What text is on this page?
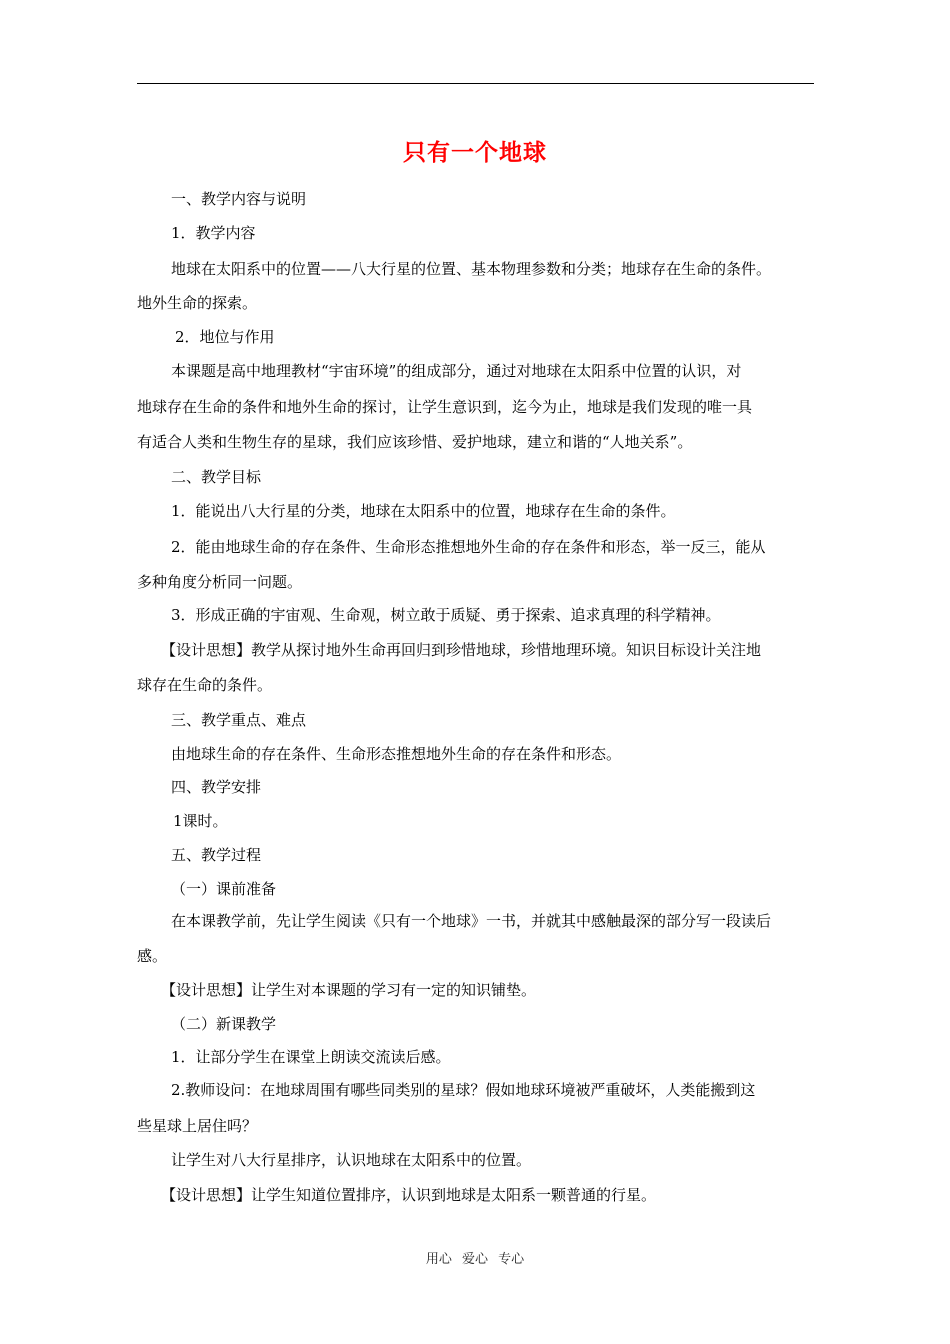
只有一个地球
一、教学内容与说明
1．教学内容
地球在太阳系中的位置——八大行星的位置、基本物理参数和分类；地球存在生命的条件。
地外生命的探索。
2．地位与作用
本课题是高中地理教材“宇宙环境”的组成部分，通过对地球在太阳系中位置的认识，对
地球存在生命的条件和地外生命的探讨，让学生意识到，迄今为止，地球是我们发现的唯一具
有适合人类和生物生存的星球，我们应该珍惜、爱护地球，建立和谐的“人地关系”。
二、教学目标
1．能说出八大行星的分类，地球在太阳系中的位置，地球存在生命的条件。
2．能由地球生命的存在条件、生命形态推想地外生命的存在条件和形态，举一反三，能从
多种角度分析同一问题。
3．形成正确的宇宙观、生命观，树立敢于质疑、勇于探索、追求真理的科学精神。
【设计思想】教学从探讨地外生命再回归到珍惜地球，珍惜地理环境。知识目标设计关注地
球存在生命的条件。
三、教学重点、难点
由地球生命的存在条件、生命形态推想地外生命的存在条件和形态。
四、教学安排
1课时。
五、教学过程
（一）课前准备
在本课教学前，先让学生阅读《只有一个地球》一书，并就其中感触最深的部分写一段读后
感。
【设计思想】让学生对本课题的学习有一定的知识铺垫。
（二）新课教学
1．让部分学生在课堂上朗读交流读后感。
2.教师设问：在地球周围有哪些同类别的星球？假如地球环境被严重破坏，人类能搬到这
些星球上居住吗？
让学生对八大行星排序，认识地球在太阳系中的位置。
【设计思想】让学生知道位置排序，认识到地球是太阳系一颗普通的行星。
用心 爱心 专心
